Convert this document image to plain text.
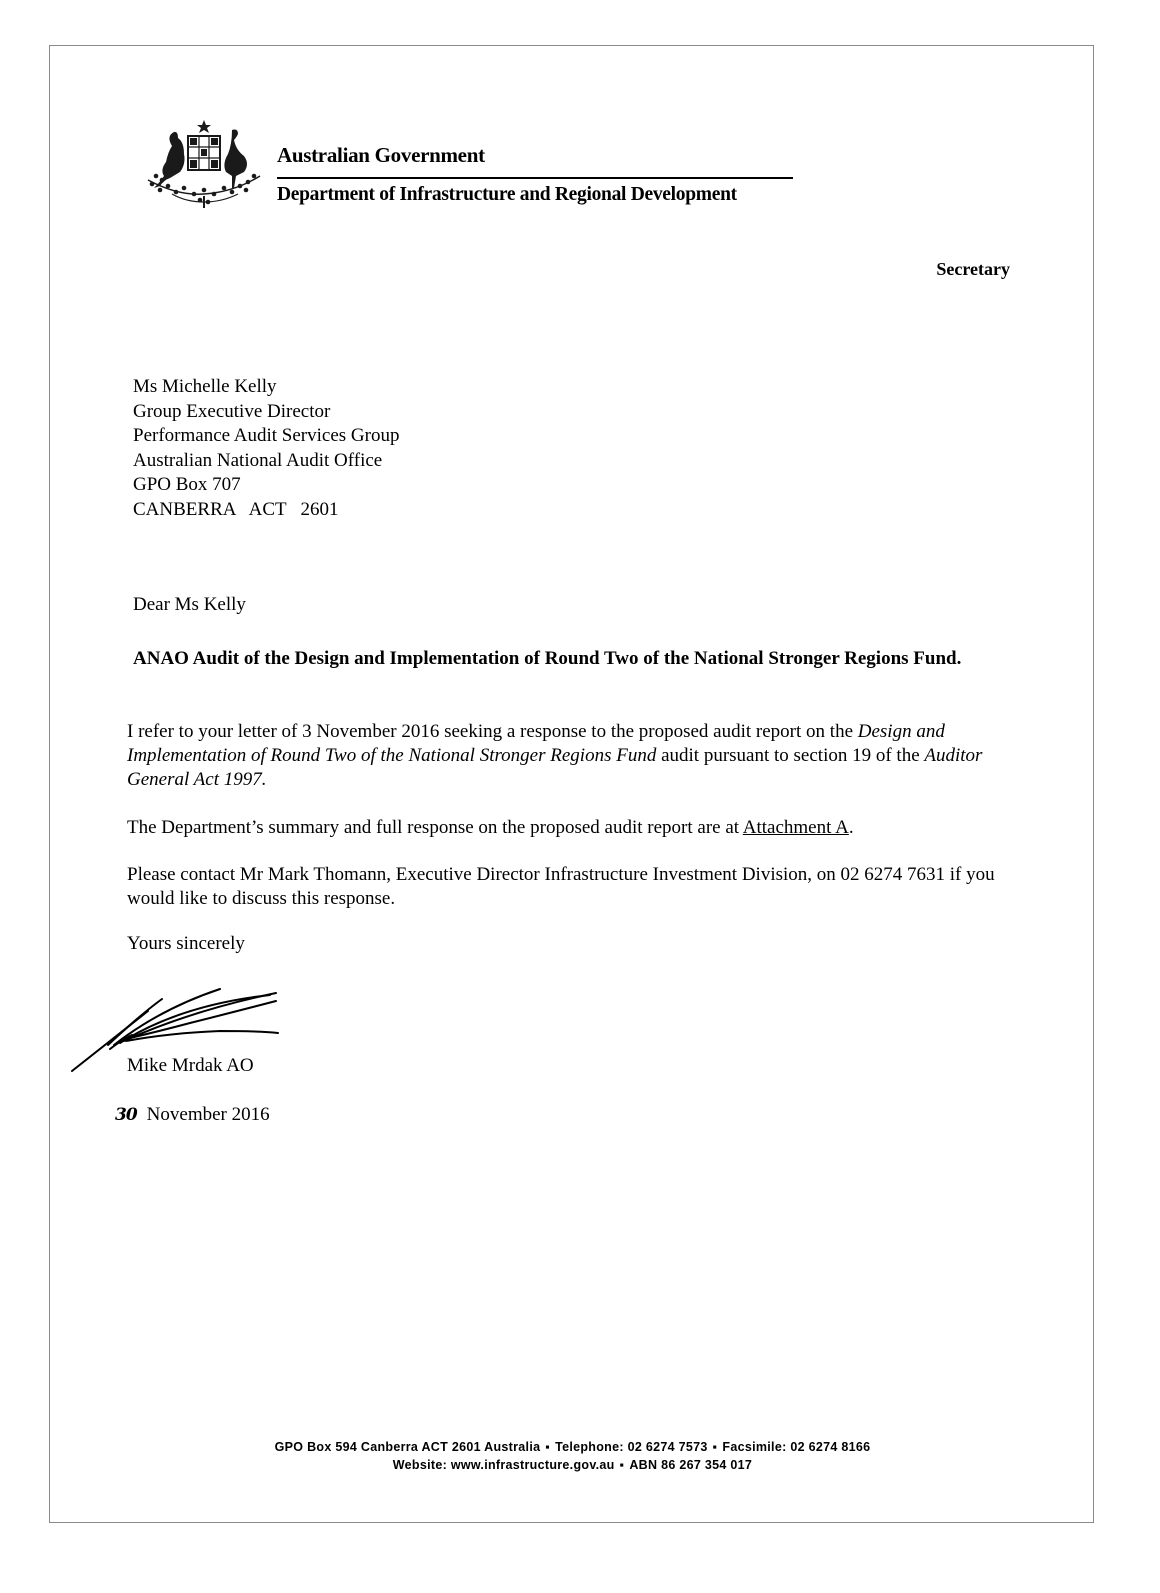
Australian Government
Department of Infrastructure and Regional Development
Secretary
Ms Michelle Kelly
Group Executive Director
Performance Audit Services Group
Australian National Audit Office
GPO Box 707
CANBERRA   ACT   2601
Dear Ms Kelly
ANAO Audit of the Design and Implementation of Round Two of the National Stronger Regions Fund.
I refer to your letter of 3 November 2016 seeking a response to the proposed audit report on the Design and Implementation of Round Two of the National Stronger Regions Fund audit pursuant to section 19 of the Auditor General Act 1997.
The Department’s summary and full response on the proposed audit report are at Attachment A.
Please contact Mr Mark Thomann, Executive Director Infrastructure Investment Division, on 02 6274 7631 if you would like to discuss this response.
Yours sincerely
Mike Mrdak AO
30 November 2016
GPO Box 594 Canberra ACT 2601 Australia ▪ Telephone: 02 6274 7573 ▪ Facsimile: 02 6274 8166
Website: www.infrastructure.gov.au ▪ ABN 86 267 354 017
